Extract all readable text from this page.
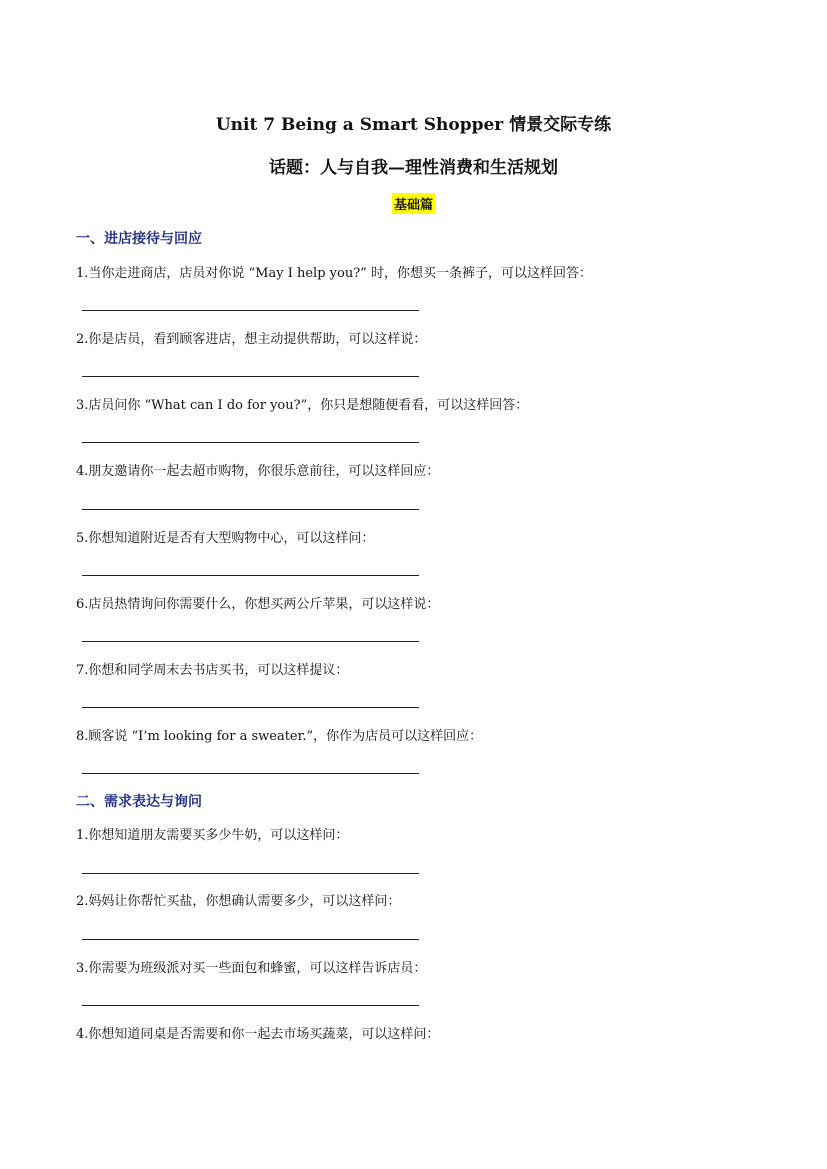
Unit 7 Being a Smart Shopper 情景交际专练
话题：人与自我—理性消费和生活规划
基础篇
一、进店接待与回应
1.当你走进商店，店员对你说 “May I help you?” 时，你想买一条裤子，可以这样回答：
2.你是店员，看到顾客进店，想主动提供帮助，可以这样说：
3.店员问你 “What can I do for you?”，你只是想随便看看，可以这样回答：
4.朋友邀请你一起去超市购物，你很乐意前往，可以这样回应：
5.你想知道附近是否有大型购物中心，可以这样问：
6.店员热情询问你需要什么，你想买两公斤苹果，可以这样说：
7.你想和同学周末去书店买书，可以这样提议：
8.顾客说 “I’m looking for a sweater.”，你作为店员可以这样回应：
二、需求表达与询问
1.你想知道朋友需要买多少牛奶，可以这样问：
2.妈妈让你帮忙买盐，你想确认需要多少，可以这样问：
3.你需要为班级派对买一些面包和蜂蜜，可以这样告诉店员：
4.你想知道同桌是否需要和你一起去市场买蔬菜，可以这样问：
